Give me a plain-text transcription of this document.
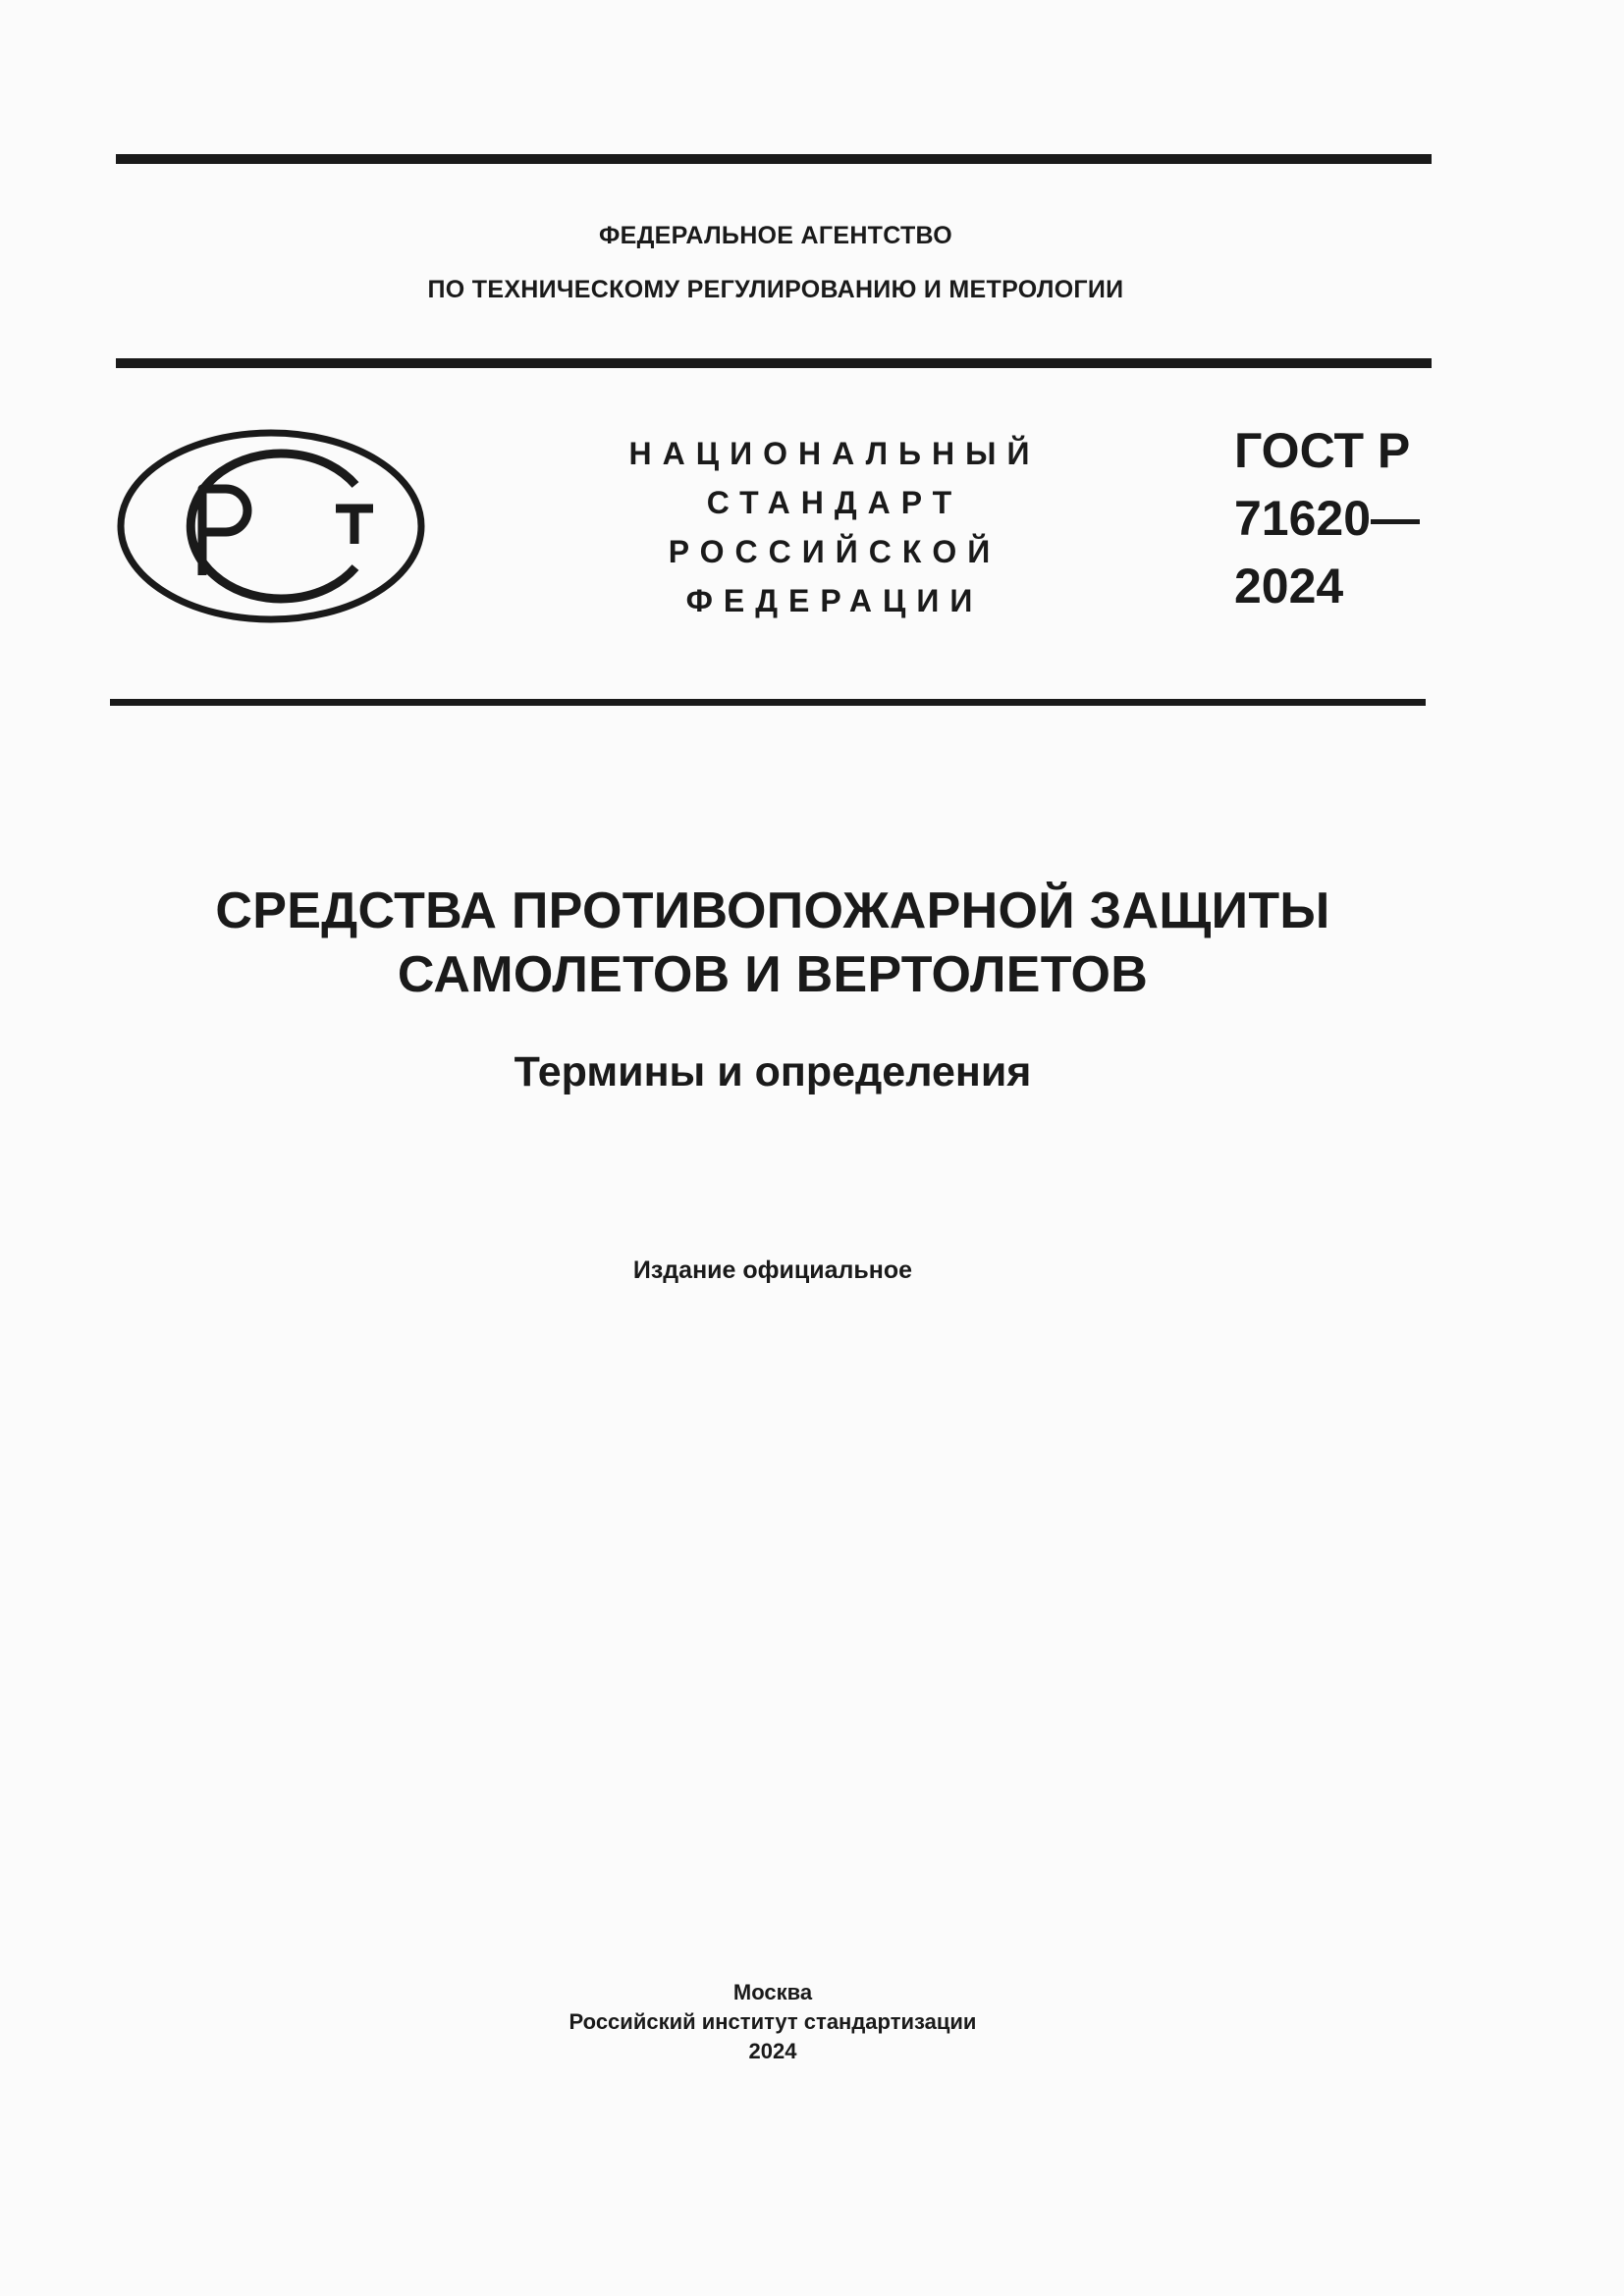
ФЕДЕРАЛЬНОЕ АГЕНТСТВО
ПО ТЕХНИЧЕСКОМУ РЕГУЛИРОВАНИЮ И МЕТРОЛОГИИ
НАЦИОНАЛЬНЫЙ
СТАНДАРТ
РОССИЙСКОЙ
ФЕДЕРАЦИИ
ГОСТ Р
71620—
2024
СРЕДСТВА ПРОТИВОПОЖАРНОЙ ЗАЩИТЫ
САМОЛЕТОВ И ВЕРТОЛЕТОВ
Термины и определения
Издание официальное
Москва
Российский институт стандартизации
2024
